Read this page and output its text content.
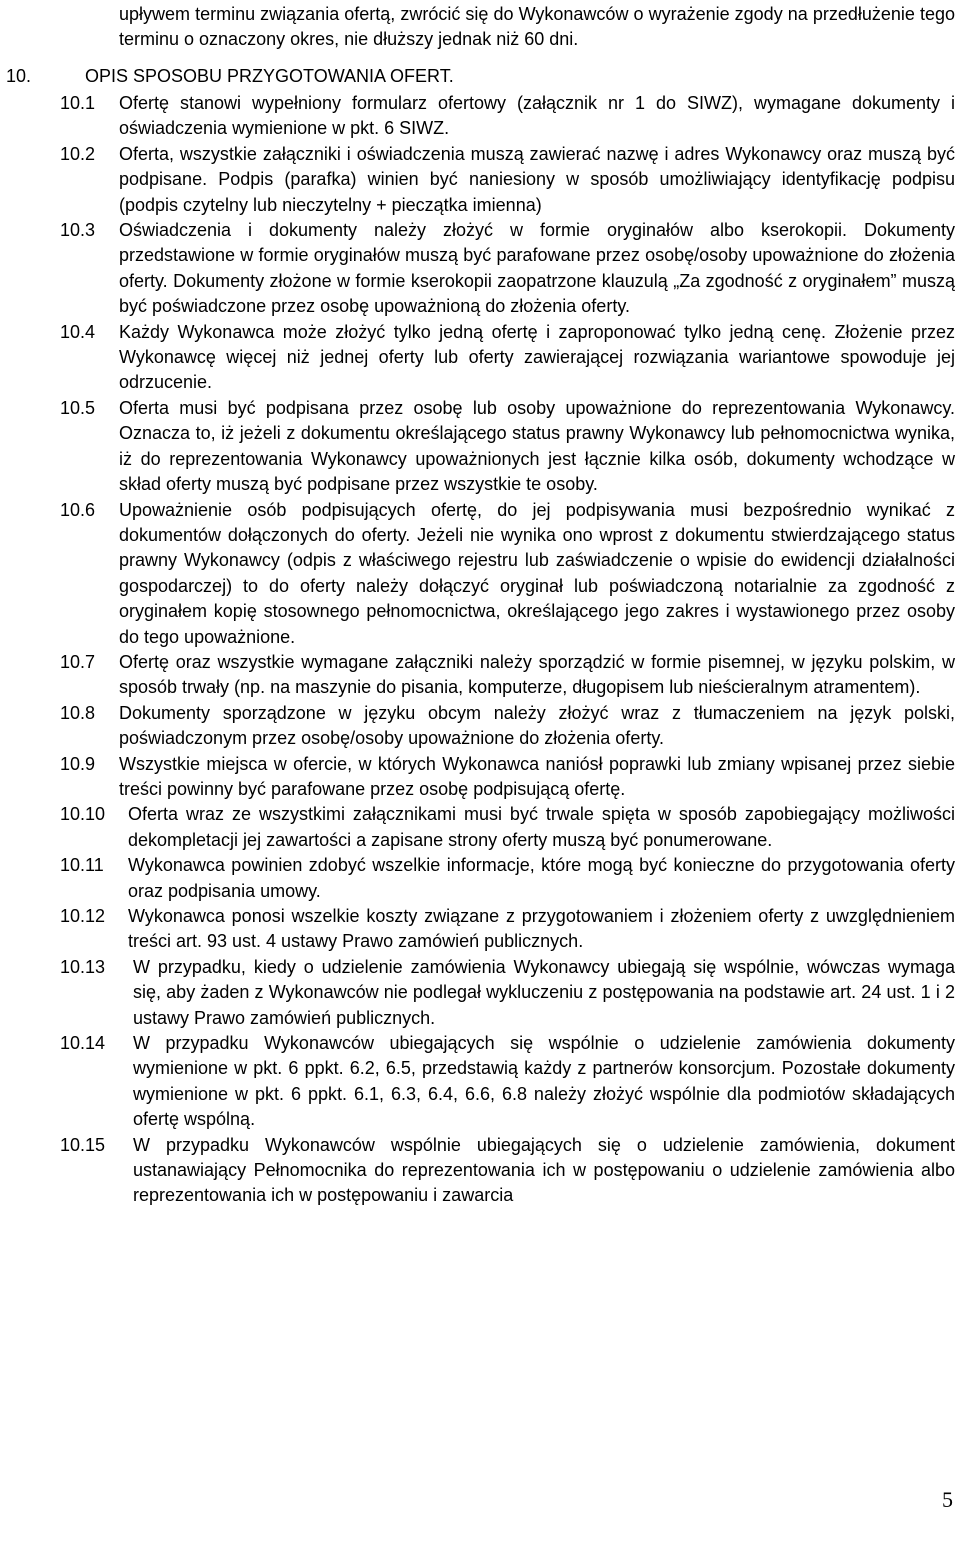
upływem terminu związania ofertą, zwrócić się do Wykonawców o wyrażenie zgody na przedłużenie tego terminu o oznaczony okres, nie dłuższy jednak niż 60 dni.

10.	OPIS SPOSOBU PRZYGOTOWANIA OFERT.

10.1 Ofertę stanowi wypełniony formularz ofertowy (załącznik nr 1 do SIWZ), wymagane dokumenty i oświadczenia wymienione w pkt. 6 SIWZ.
10.2 Oferta, wszystkie załączniki i oświadczenia muszą zawierać nazwę i adres Wykonawcy oraz muszą być podpisane. Podpis (parafka) winien być naniesiony w sposób umożliwiający identyfikację podpisu (podpis czytelny lub nieczytelny + pieczątka imienna)
10.3 Oświadczenia i dokumenty należy złożyć w formie oryginałów albo kserokopii. Dokumenty przedstawione w formie oryginałów muszą być parafowane przez osobę/osoby upoważnione do złożenia oferty. Dokumenty złożone w formie kserokopii zaopatrzone klauzulą „Za zgodność z oryginałem” muszą być poświadczone przez osobę upoważnioną do złożenia oferty.
10.4 Każdy Wykonawca może złożyć tylko jedną ofertę i zaproponować tylko jedną cenę. Złożenie przez Wykonawcę więcej niż jednej oferty lub oferty zawierającej rozwiązania wariantowe spowoduje jej odrzucenie.
10.5 Oferta musi być podpisana przez osobę lub osoby upoważnione do reprezentowania Wykonawcy. Oznacza to, iż jeżeli z dokumentu określającego status prawny Wykonawcy lub pełnomocnictwa wynika, iż do reprezentowania Wykonawcy upoważnionych jest łącznie kilka osób, dokumenty wchodzące w skład oferty muszą być podpisane przez wszystkie te osoby.
10.6 Upoważnienie osób podpisujących ofertę, do jej podpisywania musi bezpośrednio wynikać z dokumentów dołączonych do oferty. Jeżeli nie wynika ono wprost z dokumentu stwierdzającego status prawny Wykonawcy (odpis z właściwego rejestru lub zaświadczenie o wpisie do ewidencji działalności gospodarczej) to do oferty należy dołączyć oryginał lub poświadczoną notarialnie za zgodność z oryginałem kopię stosownego pełnomocnictwa, określającego jego zakres i wystawionego przez osoby do tego upoważnione.
10.7 Ofertę oraz wszystkie wymagane załączniki należy sporządzić w formie pisemnej, w języku polskim, w sposób trwały (np. na maszynie do pisania, komputerze, długopisem lub nieścieralnym atramentem).
10.8 Dokumenty sporządzone w języku obcym należy złożyć wraz z tłumaczeniem na język polski, poświadczonym przez osobę/osoby upoważnione do złożenia oferty.
10.9 Wszystkie miejsca w ofercie, w których Wykonawca naniósł poprawki lub zmiany wpisanej przez siebie treści powinny być parafowane przez osobę podpisującą ofertę.
10.10 Oferta wraz ze wszystkimi załącznikami musi być trwale spięta w sposób zapobiegający możliwości dekompletacji jej zawartości a zapisane strony oferty muszą być ponumerowane.
10.11 Wykonawca powinien zdobyć wszelkie informacje, które mogą być konieczne do przygotowania oferty oraz podpisania umowy.
10.12 Wykonawca ponosi wszelkie koszty związane z przygotowaniem i złożeniem oferty z uwzględnieniem treści art. 93 ust. 4 ustawy Prawo zamówień publicznych.
10.13 W przypadku, kiedy o udzielenie zamówienia Wykonawcy ubiegają się wspólnie, wówczas wymaga się, aby żaden z Wykonawców nie podlegał wykluczeniu z postępowania na podstawie art. 24 ust. 1 i 2 ustawy Prawo zamówień publicznych.
10.14 W przypadku Wykonawców ubiegających się wspólnie o udzielenie zamówienia dokumenty wymienione w pkt. 6 ppkt. 6.2, 6.5, przedstawią każdy z partnerów konsorcjum. Pozostałe dokumenty wymienione w pkt. 6 ppkt. 6.1, 6.3, 6.4, 6.6, 6.8 należy złożyć wspólnie dla podmiotów składających ofertę wspólną.
10.15 W przypadku Wykonawców wspólnie ubiegających się o udzielenie zamówienia, dokument ustanawiający Pełnomocnika do reprezentowania ich w postępowaniu o udzielenie zamówienia albo reprezentowania ich w postępowaniu i zawarcia

5
